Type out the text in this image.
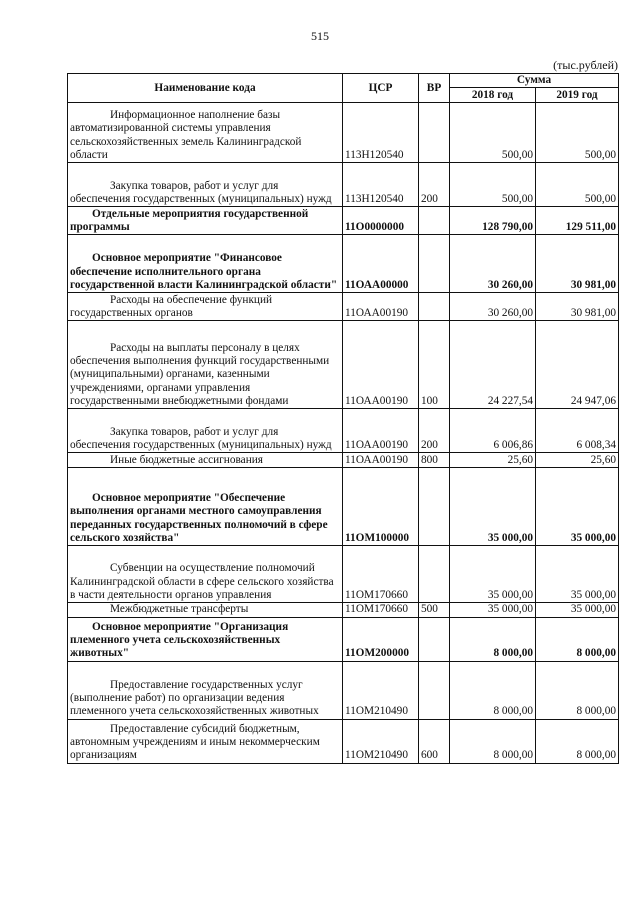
515
(тыс.рублей)
Наименование кода	ЦСР	ВР	Сумма	
			2018 год	2019 год
Информационное наполнение базы автоматизированной системы управления сельскохозяйственных земель Калининградской области	113Н120540		500,00	500,00
Закупка товаров, работ и услуг для обеспечения государственных (муниципальных) нужд	113Н120540	200	500,00	500,00
Отдельные мероприятия государственной программы	11О0000000		128 790,00	129 511,00
Основное мероприятие "Финансовое обеспечение исполнительного органа государственной власти Калининградской области"	11ОАА00000		30 260,00	30 981,00
Расходы на обеспечение функций государственных органов	11ОАА00190		30 260,00	30 981,00
Расходы на выплаты персоналу в целях обеспечения выполнения функций государственными (муниципальными) органами, казенными учреждениями, органами управления государственными внебюджетными фондами	11ОАА00190	100	24 227,54	24 947,06
Закупка товаров, работ и услуг для обеспечения государственных (муниципальных) нужд	11ОАА00190	200	6 006,86	6 008,34
Иные бюджетные ассигнования	11ОАА00190	800	25,60	25,60
Основное мероприятие "Обеспечение выполнения органами местного самоуправления переданных государственных полномочий в сфере сельского хозяйства"	11ОМ100000		35 000,00	35 000,00
Субвенции на осуществление полномочий Калининградской области в сфере сельского хозяйства в части деятельности органов управления	11ОМ170660		35 000,00	35 000,00
Межбюджетные трансферты	11ОМ170660	500	35 000,00	35 000,00
Основное мероприятие "Организация племенного учета сельскохозяйственных животных"	11ОМ200000		8 000,00	8 000,00
Предоставление государственных услуг (выполнение работ) по организации ведения племенного учета сельскохозяйственных животных	11ОМ210490		8 000,00	8 000,00
Предоставление субсидий бюджетным, автономным учреждениям и иным некоммерческим организациям	11ОМ210490	600	8 000,00	8 000,00
